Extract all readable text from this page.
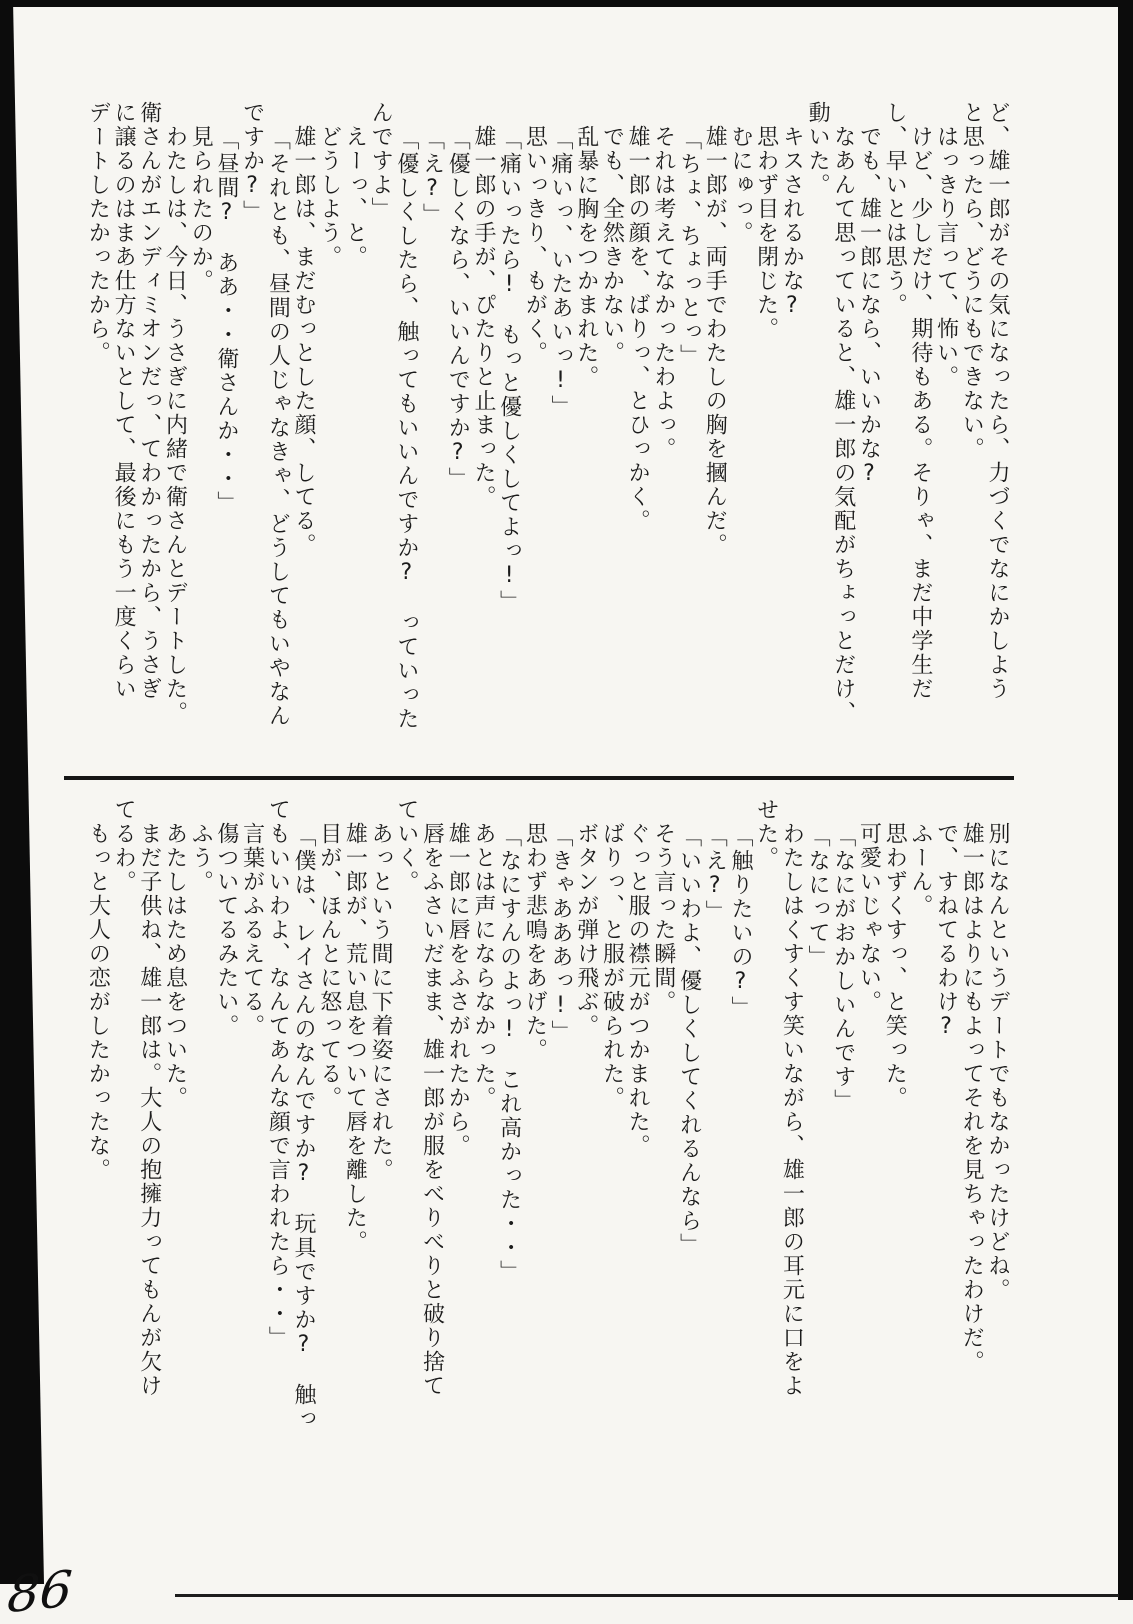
ど、雄一郎がその気になったら、力づくでなにかしよう

と思ったら、どうにもできない。

　はっきり言って、怖い。

　けど、少しだけ、期待もある。そりゃ、まだ中学生だ

し、早いとは思う。

　でも、雄一郎になら、いいかな?

　なあんて思っていると、雄一郎の気配がちょっとだけ、

動いた。

　キスされるかな?

　思わず目を閉じた。

　むにゅっ。

　雄一郎が、両手でわたしの胸を摑んだ。

 「ちょ、ちょっとっ」

　それは考えてなかったわよっ。

　雄一郎の顔を、ばりっ、とひっかく。

　でも、全然きかない。

　乱暴に胸をつかまれた。

 「痛いっ、いたあいっ!」

　思いっきり、もがく。

 「痛いったら!　もっと優しくしてよっ!」

　雄一郎の手が、ぴたりと止まった。

 「優しくなら、いいんですか?」

 「え?」

 「優しくしたら、触ってもいいんですか?　っていった

んですよ」

　えーっ、と。

　どうしよう。

　雄一郎は、まだむっとした顔、してる。

 「それとも、昼間の人じゃなきゃ、どうしてもいやなん

ですか?」

 「昼間?　ああ・・衛さんか・・」

　見られたのか。

　わたしは、今日、うさぎに内緒で衛さんとデートした。

衛さんがエンディミオンだっ、てわかったから、うさぎ

に譲るのはまあ仕方ないとして、最後にもう一度くらい

デートしたかったから。

　別になんというデートでもなかったけどね。

　雄一郎はよりにもよってそれを見ちゃったわけだ。

　で、すねてるわけ?

　ふーん。

　思わずくすっ、と笑った。

　可愛いじゃない。

 「なにがおかしいんです」

 「なにって」

　わたしはくすくす笑いながら、雄一郎の耳元に口をよ

せた。

 「触りたいの?」

 「え?」

 「いいわよ、優しくしてくれるんなら」

　そう言った瞬間。

　ぐっと服の襟元がつかまれた。

　ばりっ、と服が破られた。

　ボタンが弾け飛ぶ。

 「きゃあああっ!」

　思わず悲鳴をあげた。

 「なにすんのよっ!　これ高かった・・」

　あとは声にならなかった。

　雄一郎に唇をふさがれたから。

　唇をふさいだまま、雄一郎が服をべりべりと破り捨て

ていく。

　あっという間に下着姿にされた。

　雄一郎が、荒い息をついて唇を離した。

　目が、ほんとに怒ってる。

 「僕は、レイさんのなんですか?　玩具ですか?　触っ

てもいいわよ、なんてあんな顔で言われたら・・」

　言葉がふるえてる。

　傷ついてるみたい。

　ふう。

　あたしはため息をついた。

　まだ子供ね、雄一郎は。大人の抱擁力ってもんが欠け

てるわ。

　もっと大人の恋がしたかったな。

86
